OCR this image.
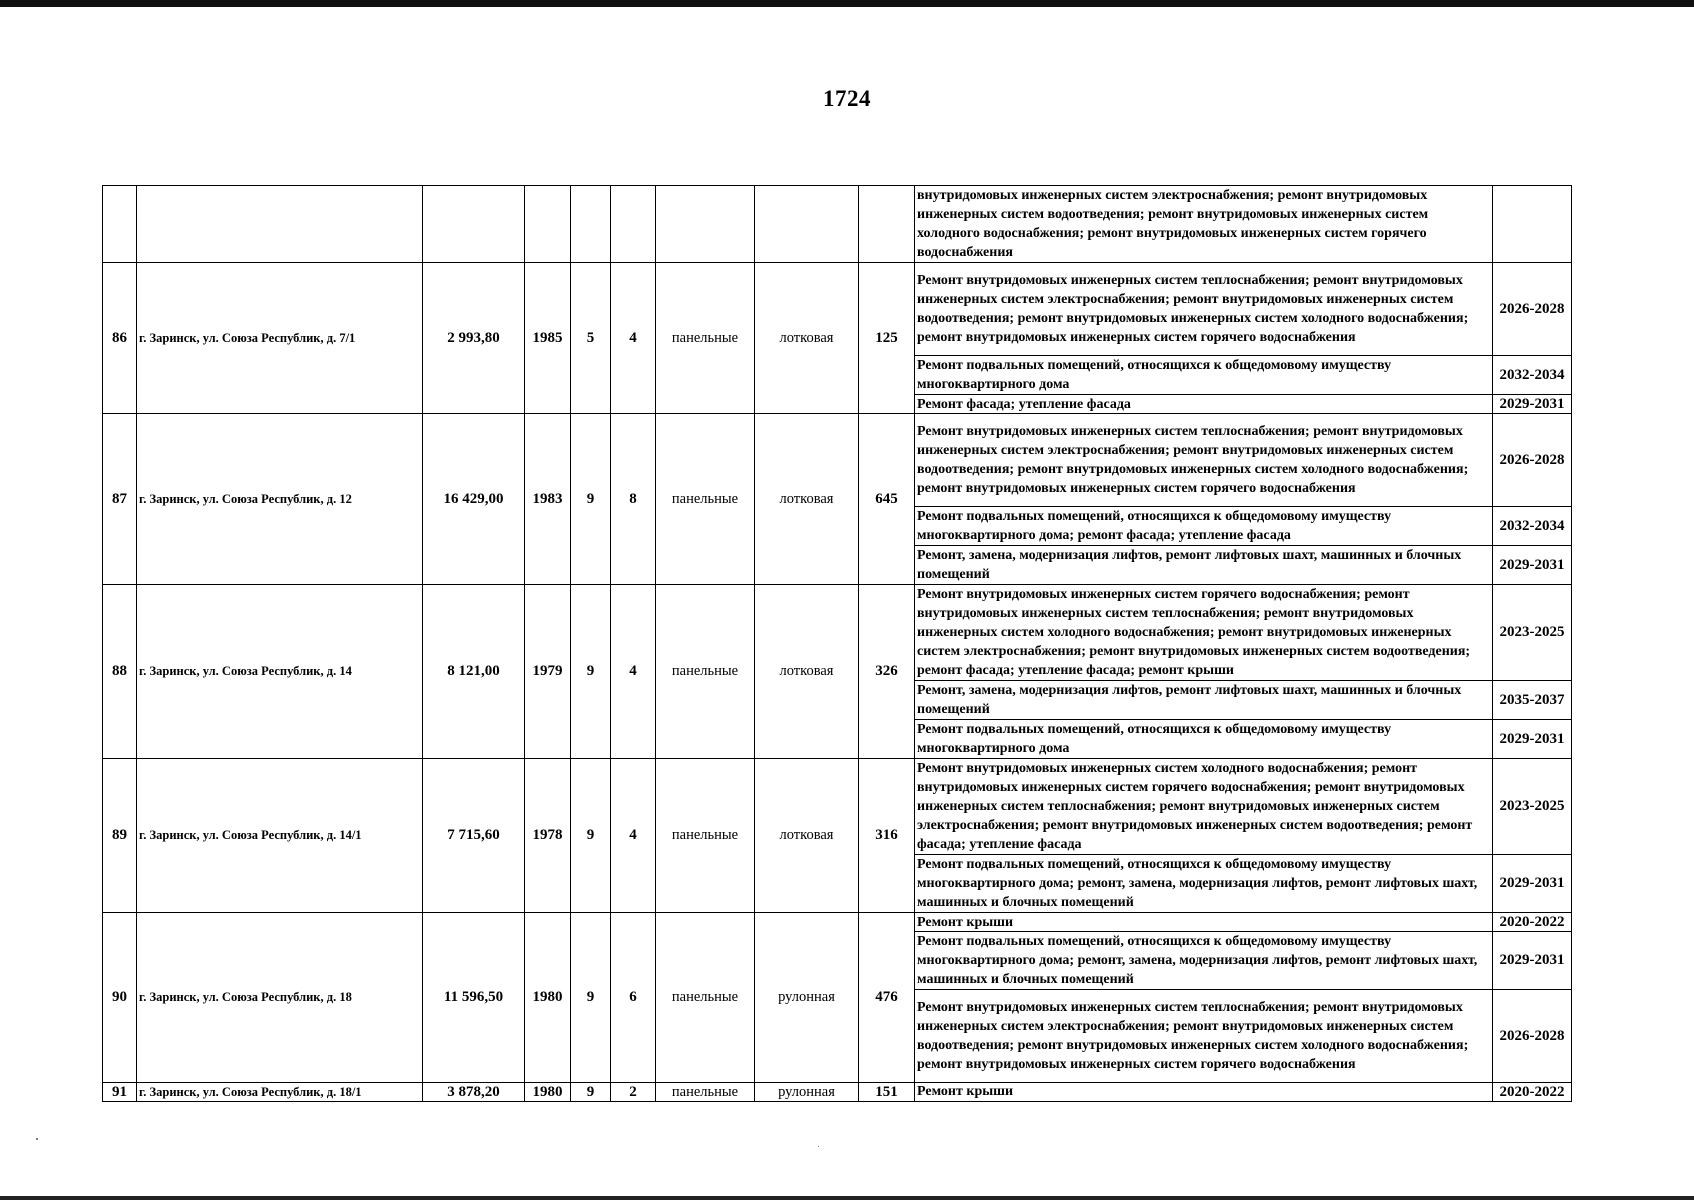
1724
									внутридомовых инженерных систем электроснабжения; ремонт внутридомовых инженерных систем водоотведения; ремонт внутридомовых инженерных систем холодного водоснабжения; ремонт внутридомовых инженерных систем горячего водоснабжения	
86	г. Заринск, ул. Союза Республик, д. 7/1	2 993,80	1985	5	4	панельные	лотковая	125	Ремонт внутридомовых инженерных систем теплоснабжения; ремонт внутридомовых инженерных систем электроснабжения; ремонт внутридомовых инженерных систем водоотведения; ремонт внутридомовых инженерных систем холодного водоснабжения; ремонт внутридомовых инженерных систем горячего водоснабжения	2026-2028
									Ремонт подвальных помещений, относящихся к общедомовому имуществу многоквартирного дома	2032-2034
									Ремонт фасада; утепление фасада	2029-2031
87	г. Заринск, ул. Союза Республик, д. 12	16 429,00	1983	9	8	панельные	лотковая	645	Ремонт внутридомовых инженерных систем теплоснабжения; ремонт внутридомовых инженерных систем электроснабжения; ремонт внутридомовых инженерных систем водоотведения; ремонт внутридомовых инженерных систем холодного водоснабжения; ремонт внутридомовых инженерных систем горячего водоснабжения	2026-2028
									Ремонт подвальных помещений, относящихся к общедомовому имуществу многоквартирного дома; ремонт фасада; утепление фасада	2032-2034
									Ремонт, замена, модернизация лифтов, ремонт лифтовых шахт, машинных и блочных помещений	2029-2031
88	г. Заринск, ул. Союза Республик, д. 14	8 121,00	1979	9	4	панельные	лотковая	326	Ремонт внутридомовых инженерных систем горячего водоснабжения; ремонт внутридомовых инженерных систем теплоснабжения; ремонт внутридомовых инженерных систем холодного водоснабжения; ремонт внутридомовых инженерных систем электроснабжения; ремонт внутридомовых инженерных систем водоотведения; ремонт фасада; утепление фасада; ремонт крыши	2023-2025
									Ремонт, замена, модернизация лифтов, ремонт лифтовых шахт, машинных и блочных помещений	2035-2037
									Ремонт подвальных помещений, относящихся к общедомовому имуществу многоквартирного дома	2029-2031
89	г. Заринск, ул. Союза Республик, д. 14/1	7 715,60	1978	9	4	панельные	лотковая	316	Ремонт внутридомовых инженерных систем холодного водоснабжения; ремонт внутридомовых инженерных систем горячего водоснабжения; ремонт внутридомовых инженерных систем теплоснабжения; ремонт внутридомовых инженерных систем электроснабжения; ремонт внутридомовых инженерных систем водоотведения; ремонт фасада; утепление фасада	2023-2025
									Ремонт подвальных помещений, относящихся к общедомовому имуществу многоквартирного дома; ремонт, замена, модернизация лифтов, ремонт лифтовых шахт, машинных и блочных помещений	2029-2031
90	г. Заринск, ул. Союза Республик, д. 18	11 596,50	1980	9	6	панельные	рулонная	476	Ремонт крыши	2020-2022
									Ремонт подвальных помещений, относящихся к общедомовому имуществу многоквартирного дома; ремонт, замена, модернизация лифтов, ремонт лифтовых шахт, машинных и блочных помещений	2029-2031
									Ремонт внутридомовых инженерных систем теплоснабжения; ремонт внутридомовых инженерных систем электроснабжения; ремонт внутридомовых инженерных систем водоотведения; ремонт внутридомовых инженерных систем холодного водоснабжения; ремонт внутридомовых инженерных систем горячего водоснабжения	2026-2028
91	г. Заринск, ул. Союза Республик, д. 18/1	3 878,20	1980	9	2	панельные	рулонная	151	Ремонт крыши	2020-2022
